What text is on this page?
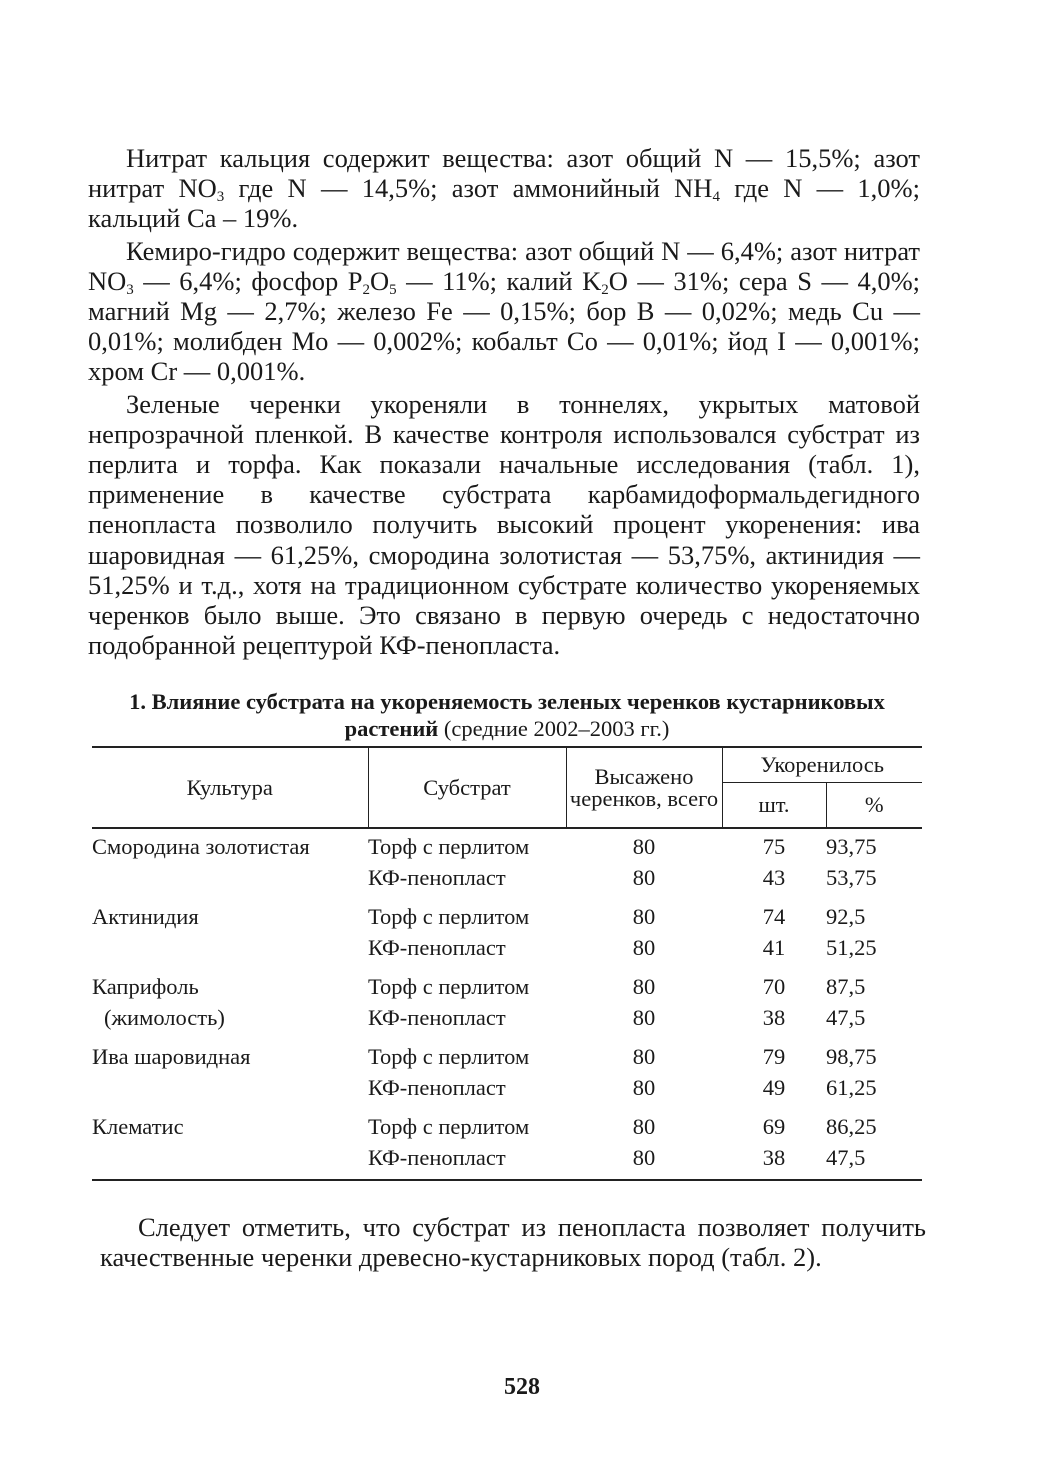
Нитрат кальция содержит вещества: азот общий N — 15,5%; азот нитрат $NO_3$ где N — 14,5%; азот аммонийный $NH_4$ где N — 1,0%; кальций Ca – 19%.

Кемиро-гидро содержит вещества: азот общий N — 6,4%; азот нитрат $NO_3$ — 6,4%; фосфор $P_2O_5$ — 11%; калий $K_2O$ — 31%; сера S — 4,0%; магний Mg — 2,7%; железо Fe — 0,15%; бор B — 0,02%; медь Cu — 0,01%; молибден Mo — 0,002%; кобальт Co — 0,01%; йод I — 0,001%; хром Cr — 0,001%.

Зеленые черенки укореняли в тоннелях, укрытых матовой непрозрачной пленкой. В качестве контроля использовался субстрат из перлита и торфа. Как показали начальные исследования (табл. 1), применение в качестве субстрата карбамидоформальдегидного пенопласта позволило получить высокий процент укоренения: ива шаровидная — 61,25%, смородина золотистая — 53,75%, актинидия — 51,25% и т.д., хотя на традиционном субстрате количество укореняемых черенков было выше. Это связано в первую очередь с недостаточно подобранной рецептурой КФ-пенопласта.

1. Влияние субстрата на укореняемость зеленых черенков кустарниковых растений (средние 2002–2003 гг.)
Культура	Субстрат	Высажено черенков, всего	Укоренилось	
			шт.	%
Смородина золотистая	Торф с перлитом	80	75	93,75
	КФ-пенопласт	80	43	53,75
Актинидия	Торф с перлитом	80	74	92,5
	КФ-пенопласт	80	41	51,25
Каприфоль	Торф с перлитом	80	70	87,5
(жимолость)	КФ-пенопласт	80	38	47,5
Ива шаровидная	Торф с перлитом	80	79	98,75
	КФ-пенопласт	80	49	61,25
Клематис	Торф с перлитом	80	69	86,25
	КФ-пенопласт	80	38	47,5

Следует отметить, что субстрат из пенопласта позволяет получить качественные черенки древесно-кустарниковых пород (табл. 2).

528
